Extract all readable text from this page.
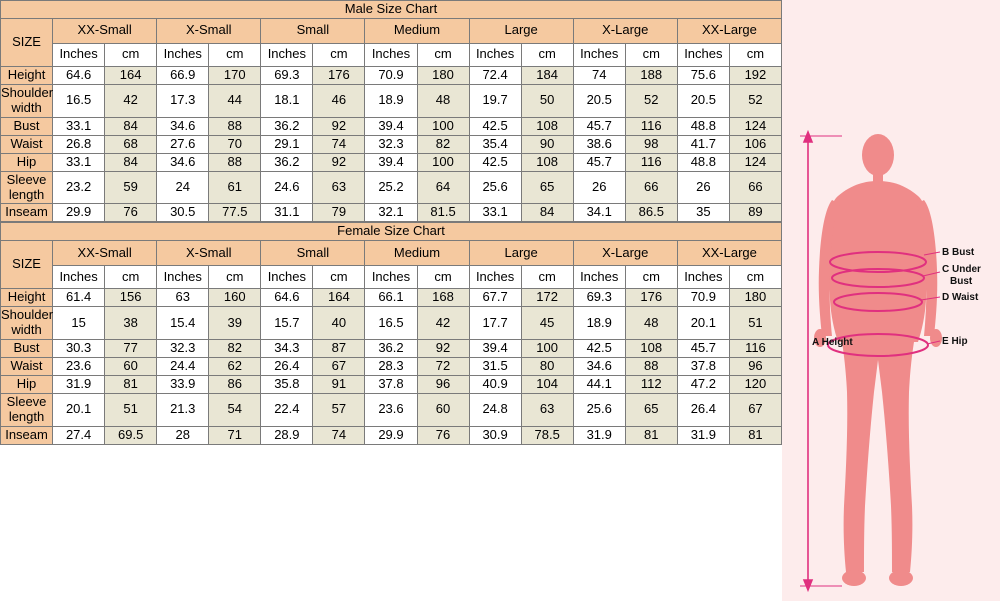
Male Size Chart														
SIZE	XX-Small		X-Small		Small		Medium		Large		X-Large		XX-Large	
	Inches	cm	Inches	cm	Inches	cm	Inches	cm	Inches	cm	Inches	cm	Inches	cm
Height	64.6	164	66.9	170	69.3	176	70.9	180	72.4	184	74	188	75.6	192
Shoulder width	16.5	42	17.3	44	18.1	46	18.9	48	19.7	50	20.5	52	20.5	52
Bust	33.1	84	34.6	88	36.2	92	39.4	100	42.5	108	45.7	116	48.8	124
Waist	26.8	68	27.6	70	29.1	74	32.3	82	35.4	90	38.6	98	41.7	106
Hip	33.1	84	34.6	88	36.2	92	39.4	100	42.5	108	45.7	116	48.8	124
Sleeve length	23.2	59	24	61	24.6	63	25.2	64	25.6	65	26	66	26	66
Inseam	29.9	76	30.5	77.5	31.1	79	32.1	81.5	33.1	84	34.1	86.5	35	89
Female Size Chart														
SIZE	XX-Small		X-Small		Small		Medium		Large		X-Large		XX-Large	
	Inches	cm	Inches	cm	Inches	cm	Inches	cm	Inches	cm	Inches	cm	Inches	cm
Height	61.4	156	63	160	64.6	164	66.1	168	67.7	172	69.3	176	70.9	180
Shoulder width	15	38	15.4	39	15.7	40	16.5	42	17.7	45	18.9	48	20.1	51
Bust	30.3	77	32.3	82	34.3	87	36.2	92	39.4	100	42.5	108	45.7	116
Waist	23.6	60	24.4	62	26.4	67	28.3	72	31.5	80	34.6	88	37.8	96
Hip	31.9	81	33.9	86	35.8	91	37.8	96	40.9	104	44.1	112	47.2	120
Sleeve length	20.1	51	21.3	54	22.4	57	23.6	60	24.8	63	25.6	65	26.4	67
Inseam	27.4	69.5	28	71	28.9	74	29.9	76	30.9	78.5	31.9	81	31.9	81
A Height
B Bust
C Under
Bust
D Waist
E Hip
